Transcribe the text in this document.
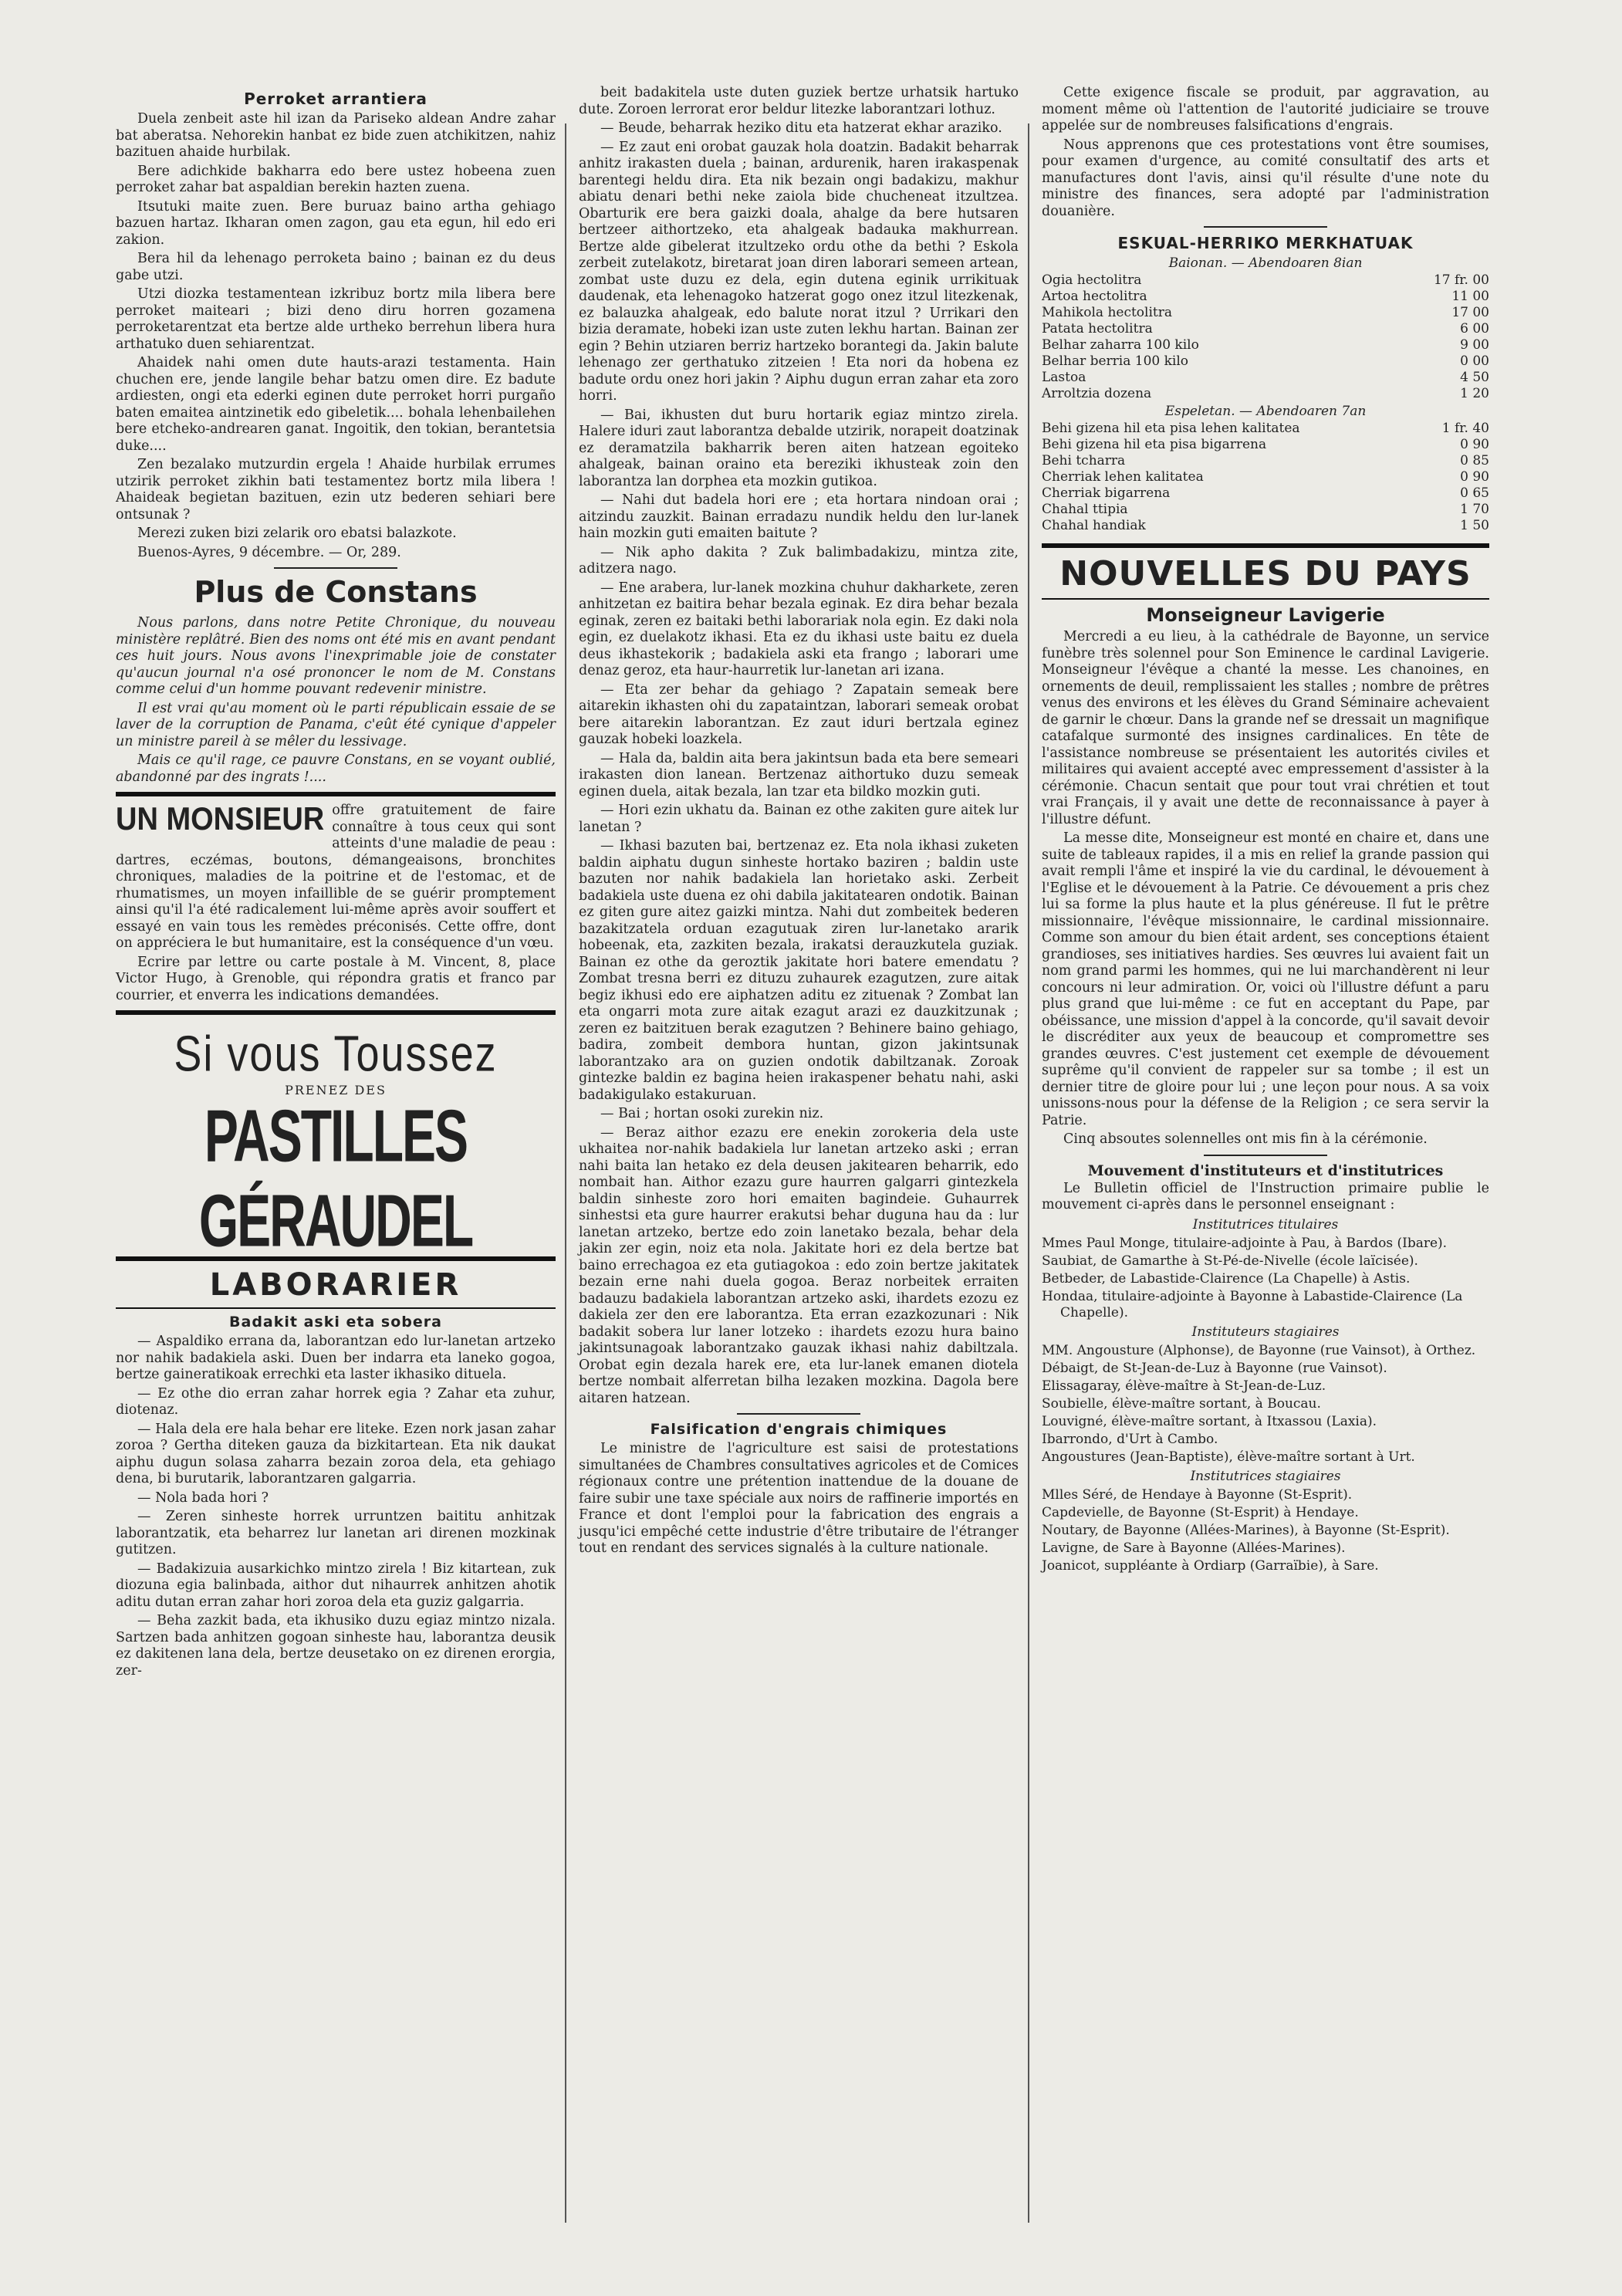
Perroket arrantiera

Duela zenbeit aste hil izan da Pariseko aldean Andre zahar bat aberatsa. Nehorekin hanbat ez bide zuen atchikitzen, nahiz bazituen ahaide hurbilak.

Bere adichkide bakharra edo bere ustez hobeena zuen perroket zahar bat aspaldian berekin hazten zuena.

Itsutuki maite zuen. Bere buruaz baino artha gehiago bazuen hartaz. Ikharan omen zagon, gau eta egun, hil edo eri zakion.

Bera hil da lehenago perroketa baino ; bainan ez du deus gabe utzi.

Utzi diozka testamentean izkribuz bortz mila libera bere perroket maiteari ; bizi deno diru horren gozamena perroketarentzat eta bertze alde urtheko berrehun libera hura arthatuko duen sehiarentzat.

Ahaidek nahi omen dute hauts-arazi testamenta. Hain chuchen ere, jende langile behar batzu omen dire. Ez badute ardiesten, ongi eta ederki eginen dute perroket horri purgaño baten emaitea aintzinetik edo gibeletik.... bohala lehenbailehen bere etcheko-andrearen ganat. Ingoitik, den tokian, berantetsia duke....

Zen bezalako mutzurdin ergela ! Ahaide hurbilak errumes utzirik perroket zikhin bati testamentez bortz mila libera ! Ahaideak begietan bazituen, ezin utz bederen sehiari bere ontsunak ?

Merezi zuken bizi zelarik oro ebatsi balazkote.

Buenos-Ayres, 9 décembre. — Or, 289.

Plus de Constans

Nous parlons, dans notre Petite Chronique, du nouveau ministère replâtré. Bien des noms ont été mis en avant pendant ces huit jours. Nous avons l'inexprimable joie de constater qu'aucun journal n'a osé prononcer le nom de M. Constans comme celui d'un homme pouvant redevenir ministre.

Il est vrai qu'au moment où le parti républicain essaie de se laver de la corruption de Panama, c'eût été cynique d'appeler un ministre pareil à se mêler du lessivage.

Mais ce qu'il rage, ce pauvre Constans, en se voyant oublié, abandonné par des ingrats !....

UN MONSIEUR offre gratuitement de faire connaître à tous ceux qui sont atteints d'une maladie de peau : dartres, eczémas, boutons, démangeaisons, bronchites chroniques, maladies de la poitrine et de l'estomac, et de rhumatismes, un moyen infaillible de se guérir promptement ainsi qu'il l'a été radicalement lui-même après avoir souffert et essayé en vain tous les remèdes préconisés. Cette offre, dont on appréciera le but humanitaire, est la conséquence d'un vœu.

Ecrire par lettre ou carte postale à M. Vincent, 8, place Victor Hugo, à Grenoble, qui répondra gratis et franco par courrier, et enverra les indications demandées.

Si vous Toussez
PRENEZ DES
PASTILLES GÉRAUDEL
LABORARIER
Badakit aski eta sobera

— Aspaldiko errana da, laborantzan edo lur-lanetan artzeko nor nahik badakiela aski. Duen ber indarra eta laneko gogoa, bertze gaineratikoak errechki eta laster ikhasiko dituela.

— Ez othe dio erran zahar horrek egia ? Zahar eta zuhur, diotenaz.

— Hala dela ere hala behar ere liteke. Ezen nork jasan zahar zoroa ? Gertha diteken gauza da bizkitartean. Eta nik daukat aiphu dugun solasa zaharra bezain zoroa dela, eta gehiago dena, bi burutarik, laborantzaren galgarria.

— Nola bada hori ?

— Zeren sinheste horrek urruntzen baititu anhitzak laborantzatik, eta beharrez lur lanetan ari direnen mozkinak gutitzen.

— Badakizuia ausarkichko mintzo zirela ! Biz kitartean, zuk diozuna egia balinbada, aithor dut nihaurrek anhitzen ahotik aditu dutan erran zahar hori zoroa dela eta guziz galgarria.

— Beha zazkit bada, eta ikhusiko duzu egiaz mintzo nizala. Sartzen bada anhitzen gogoan sinheste hau, laborantza deusik ez dakitenen lana dela, bertze deusetako on ez direnen erorgia, zer-

beit badakitela uste duten guziek bertze urhatsik hartuko dute. Zoroen lerrorat eror beldur litezke laborantzari lothuz.

— Beude, beharrak heziko ditu eta hatzerat ekhar araziko.

— Ez zaut eni orobat gauzak hola doatzin. Badakit beharrak anhitz irakasten duela ; bainan, ardurenik, haren irakaspenak barentegi heldu dira. Eta nik bezain ongi badakizu, makhur abiatu denari bethi neke zaiola bide chucheneat itzultzea. Obarturik ere bera gaizki doala, ahalge da bere hutsaren bertzeer aithortzeko, eta ahalgeak badauka makhurrean. Bertze alde gibelerat itzultzeko ordu othe da bethi ? Eskola zerbeit zutelakotz, biretarat joan diren laborari semeen artean, zombat uste duzu ez dela, egin dutena eginik urrikituak daudenak, eta lehenagoko hatzerat gogo onez itzul litezkenak, ez balauzka ahalgeak, edo balute norat itzul ? Urrikari den bizia deramate, hobeki izan uste zuten lekhu hartan. Bainan zer egin ? Behin utziaren berriz hartzeko borantegi da. Jakin balute lehenago zer gerthatuko zitzeien ! Eta nori da hobena ez badute ordu onez hori jakin ? Aiphu dugun erran zahar eta zoro horri.

— Bai, ikhusten dut buru hortarik egiaz mintzo zirela. Halere iduri zaut laborantza debalde utzirik, norapeit doatzinak ez deramatzila bakharrik beren aiten hatzean egoiteko ahalgeak, bainan oraino eta bereziki ikhusteak zoin den laborantza lan dorphea eta mozkin gutikoa.

— Nahi dut badela hori ere ; eta hortara nindoan orai ; aitzindu zauzkit. Bainan erradazu nundik heldu den lur-lanek hain mozkin guti emaiten baitute ?

— Nik apho dakita ? Zuk balimbadakizu, mintza zite, aditzera nago.

— Ene arabera, lur-lanek mozkina chuhur dakharkete, zeren anhitzetan ez baitira behar bezala eginak. Ez dira behar bezala eginak, zeren ez baitaki bethi laborariak nola egin. Ez daki nola egin, ez duelakotz ikhasi. Eta ez du ikhasi uste baitu ez duela deus ikhastekorik ; badakiela aski eta frango ; laborari ume denaz geroz, eta haur-haurretik lur-lanetan ari izana.

— Eta zer behar da gehiago ? Zapatain semeak bere aitarekin ikhasten ohi du zapataintzan, laborari semeak orobat bere aitarekin laborantzan. Ez zaut iduri bertzala eginez gauzak hobeki loazkela.

— Hala da, baldin aita bera jakintsun bada eta bere semeari irakasten dion lanean. Bertzenaz aithortuko duzu semeak eginen duela, aitak bezala, lan tzar eta bildko mozkin guti.

— Hori ezin ukhatu da. Bainan ez othe zakiten gure aitek lur lanetan ?

— Ikhasi bazuten bai, bertzenaz ez. Eta nola ikhasi zuketen baldin aiphatu dugun sinheste hortako baziren ; baldin uste bazuten nor nahik badakiela lan horietako aski. Zerbeit badakiela uste duena ez ohi dabila jakitatearen ondotik. Bainan ez giten gure aitez gaizki mintza. Nahi dut zombeitek bederen bazakitzatela orduan ezagutuak ziren lur-lanetako ararik hobeenak, eta, zazkiten bezala, irakatsi derauzkutela guziak. Bainan ez othe da geroztik jakitate hori batere emendatu ? Zombat tresna berri ez dituzu zuhaurek ezagutzen, zure aitak begiz ikhusi edo ere aiphatzen aditu ez zituenak ? Zombat lan eta ongarri mota zure aitak ezagut arazi ez dauzkitzunak ; zeren ez baitzituen berak ezagutzen ? Behinere baino gehiago, badira, zombeit dembora huntan, gizon jakintsunak laborantzako ara on guzien ondotik dabiltzanak. Zoroak gintezke baldin ez bagina heien irakaspener behatu nahi, aski badakigulako estakuruan.

— Bai ; hortan osoki zurekin niz.

— Beraz aithor ezazu ere enekin zorokeria dela uste ukhaitea nor-nahik badakiela lur lanetan artzeko aski ; erran nahi baita lan hetako ez dela deusen jakitearen beharrik, edo nombait han. Aithor ezazu gure haurren galgarri gintezkela baldin sinheste zoro hori emaiten bagindeie. Guhaurrek sinhestsi eta gure haurrer erakutsi behar duguna hau da : lur lanetan artzeko, bertze edo zoin lanetako bezala, behar dela jakin zer egin, noiz eta nola. Jakitate hori ez dela bertze bat baino errechagoa ez eta gutiagokoa : edo zoin bertze jakitatek bezain erne nahi duela gogoa. Beraz norbeitek erraiten badauzu badakiela laborantzan artzeko aski, ihardets ezozu ez dakiela zer den ere laborantza. Eta erran ezazkozunari : Nik badakit sobera lur laner lotzeko : ihardets ezozu hura baino jakintsunagoak laborantzako gauzak ikhasi nahiz dabiltzala. Orobat egin dezala harek ere, eta lur-lanek emanen diotela bertze nombait alferretan bilha lezaken mozkina. Dagola bere aitaren hatzean.

Falsification d'engrais chimiques

Le ministre de l'agriculture est saisi de protestations simultanées de Chambres consultatives agricoles et de Comices régionaux contre une prétention inattendue de la douane de faire subir une taxe spéciale aux noirs de raffinerie importés en France et dont l'emploi pour la fabrication des engrais a jusqu'ici empêché cette industrie d'être tributaire de l'étranger tout en rendant des services signalés à la culture nationale.

Cette exigence fiscale se produit, par aggravation, au moment même où l'attention de l'autorité judiciaire se trouve appelée sur de nombreuses falsifications d'engrais.

Nous apprenons que ces protestations vont être soumises, pour examen d'urgence, au comité consultatif des arts et manufactures dont l'avis, ainsi qu'il résulte d'une note du ministre des finances, sera adopté par l'administration douanière.

ESKUAL-HERRIKO MERKHATUAK
Baionan. — Abendoaren 8ian
Ogia hectolitra	17 fr. 00
Artoa hectolitra	11 00
Mahikola hectolitra	17 00
Patata hectolitra	6 00
Belhar zaharra 100 kilo	9 00
Belhar berria 100 kilo	0 00
Lastoa	4 50
Arroltzia dozena	1 20
Espeletan. — Abendoaren 7an
Behi gizena hil eta pisa lehen kalitatea	1 fr. 40
Behi gizena hil eta pisa bigarrena	0 90
Behi tcharra	0 85
Cherriak lehen kalitatea	0 90
Cherriak bigarrena	0 65
Chahal ttipia	1 70
Chahal handiak	1 50
NOUVELLES DU PAYS
Monseigneur Lavigerie

Mercredi a eu lieu, à la cathédrale de Bayonne, un service funèbre très solennel pour Son Eminence le cardinal Lavigerie. Monseigneur l'évêque a chanté la messe. Les chanoines, en ornements de deuil, remplissaient les stalles ; nombre de prêtres venus des environs et les élèves du Grand Séminaire achevaient de garnir le chœur. Dans la grande nef se dressait un magnifique catafalque surmonté des insignes cardinalices. En tête de l'assistance nombreuse se présentaient les autorités civiles et militaires qui avaient accepté avec empressement d'assister à la cérémonie. Chacun sentait que pour tout vrai chrétien et tout vrai Français, il y avait une dette de reconnaissance à payer à l'illustre défunt.

La messe dite, Monseigneur est monté en chaire et, dans une suite de tableaux rapides, il a mis en relief la grande passion qui avait rempli l'âme et inspiré la vie du cardinal, le dévouement à l'Eglise et le dévouement à la Patrie. Ce dévouement a pris chez lui sa forme la plus haute et la plus généreuse. Il fut le prêtre missionnaire, l'évêque missionnaire, le cardinal missionnaire. Comme son amour du bien était ardent, ses conceptions étaient grandioses, ses initiatives hardies. Ses œuvres lui avaient fait un nom grand parmi les hommes, qui ne lui marchandèrent ni leur concours ni leur admiration. Or, voici où l'illustre défunt a paru plus grand que lui-même : ce fut en acceptant du Pape, par obéissance, une mission d'appel à la concorde, qu'il savait devoir le discréditer aux yeux de beaucoup et compromettre ses grandes œuvres. C'est justement cet exemple de dévouement suprême qu'il convient de rappeler sur sa tombe ; il est un dernier titre de gloire pour lui ; une leçon pour nous. A sa voix unissons-nous pour la défense de la Religion ; ce sera servir la Patrie.

Cinq absoutes solennelles ont mis fin à la cérémonie.

Mouvement d'instituteurs et d'institutrices

Le Bulletin officiel de l'Instruction primaire publie le mouvement ci-après dans le personnel enseignant :

Institutrices titulaires
Mmes Paul Monge, titulaire-adjointe à Pau, à Bardos (Ibare).
Saubiat, de Gamarthe à St-Pé-de-Nivelle (école laïcisée).
Betbeder, de Labastide-Clairence (La Chapelle) à Astis.
Hondaa, titulaire-adjointe à Bayonne à Labastide-Clairence (La Chapelle).
Instituteurs stagiaires
MM. Angousture (Alphonse), de Bayonne (rue Vainsot), à Orthez.
Débaigt, de St-Jean-de-Luz à Bayonne (rue Vainsot).
Elissagaray, élève-maître à St-Jean-de-Luz.
Soubielle, élève-maître sortant, à Boucau.
Louvigné, élève-maître sortant, à Itxassou (Laxia).
Ibarrondo, d'Urt à Cambo.
Angoustures (Jean-Baptiste), élève-maître sortant à Urt.
Institutrices stagiaires
Mlles Séré, de Hendaye à Bayonne (St-Esprit).
Capdevielle, de Bayonne (St-Esprit) à Hendaye.
Noutary, de Bayonne (Allées-Marines), à Bayonne (St-Esprit).
Lavigne, de Sare à Bayonne (Allées-Marines).
Joanicot, suppléante à Ordiarp (Garraïbie), à Sare.
